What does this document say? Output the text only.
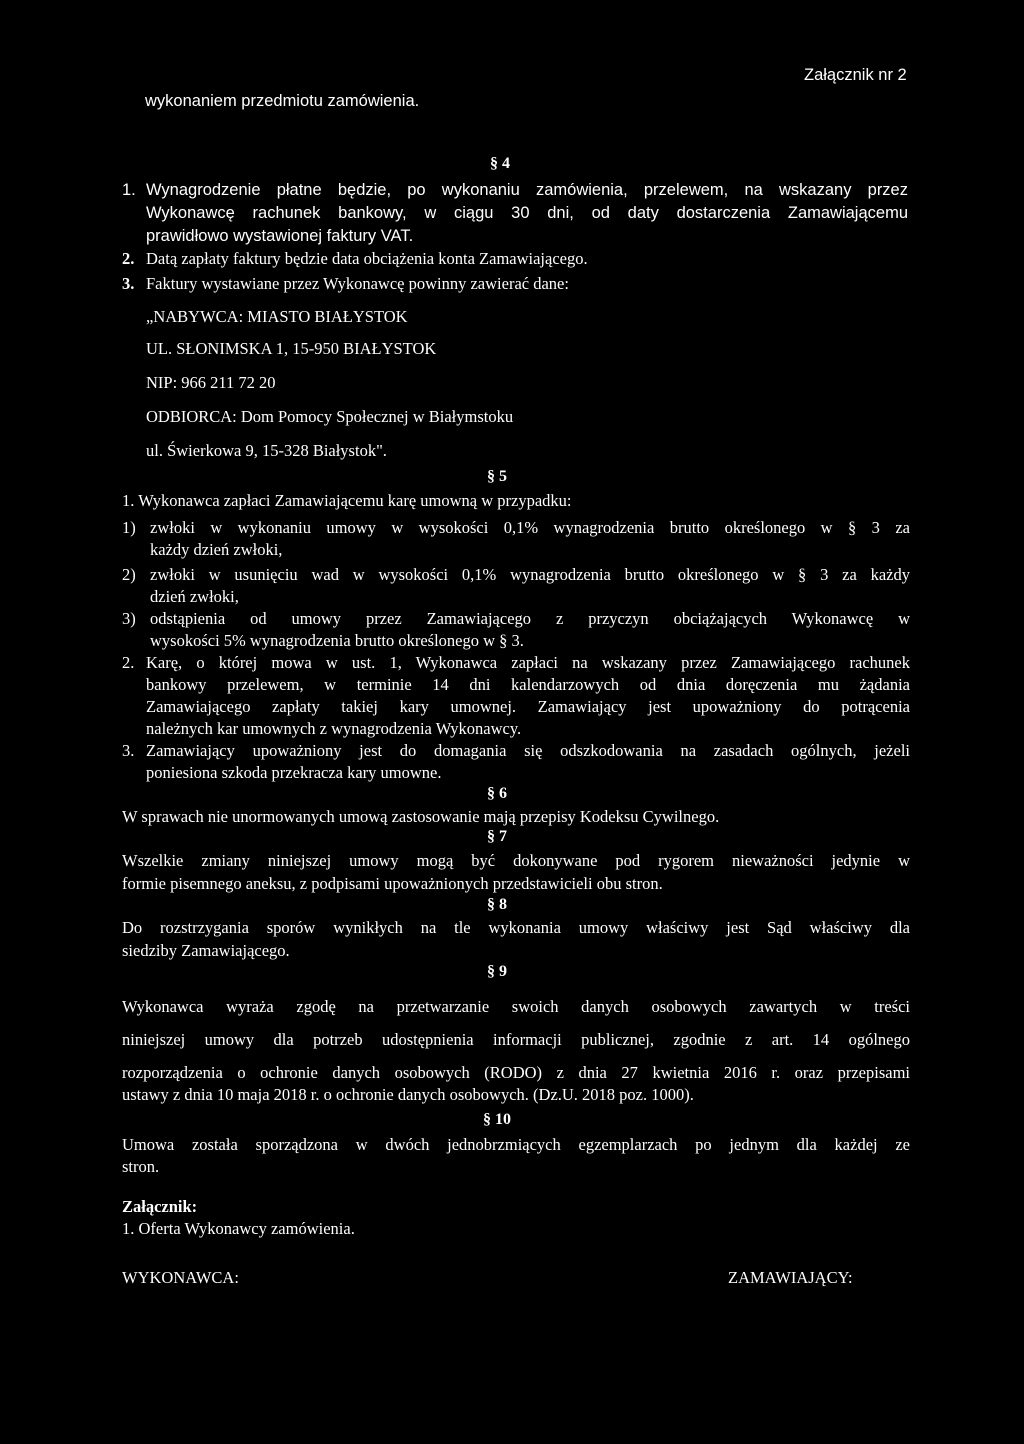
wykonaniem przedmiotu zamówienia.
Załącznik nr 2
§ 4
1. Wynagrodzenie płatne będzie, po wykonaniu zamówienia, przelewem, na wskazany przez
Wykonawcę rachunek bankowy, w ciągu 30 dni, od daty dostarczenia Zamawiającemu
prawidłowo wystawionej faktury VAT.
2. Datą zapłaty faktury będzie data obciążenia konta Zamawiającego.
3. Faktury wystawiane przez Wykonawcę powinny zawierać dane:
„NABYWCA: MIASTO BIAŁYSTOK
UL. SŁONIMSKA 1, 15-950 BIAŁYSTOK
NIP: 966 211 72 20
ODBIORCA: Dom Pomocy Społecznej w Białymstoku
ul. Świerkowa 9, 15-328 Białystok".
§ 5
1. Wykonawca zapłaci Zamawiającemu karę umowną w przypadku:
1) zwłoki w wykonaniu umowy w wysokości 0,1% wynagrodzenia brutto określonego w § 3 za
każdy dzień zwłoki,
2) zwłoki w usunięciu wad w wysokości 0,1% wynagrodzenia brutto określonego w § 3 za każdy
dzień zwłoki,
3) odstąpienia od umowy przez Zamawiającego z przyczyn obciążających Wykonawcę w
wysokości 5% wynagrodzenia brutto określonego w § 3.
2. Karę, o której mowa w ust. 1, Wykonawca zapłaci na wskazany przez Zamawiającego rachunek
bankowy przelewem, w terminie 14 dni kalendarzowych od dnia doręczenia mu żądania
Zamawiającego zapłaty takiej kary umownej. Zamawiający jest upoważniony do potrącenia
należnych kar umownych z wynagrodzenia Wykonawcy.
3. Zamawiający upoważniony jest do domagania się odszkodowania na zasadach ogólnych, jeżeli
poniesiona szkoda przekracza kary umowne.
§ 6
W sprawach nie unormowanych umową zastosowanie mają przepisy Kodeksu Cywilnego.
§ 7
Wszelkie zmiany niniejszej umowy mogą być dokonywane pod rygorem nieważności jedynie w
formie pisemnego aneksu, z podpisami upoważnionych przedstawicieli obu stron.
§ 8
Do rozstrzygania sporów wynikłych na tle wykonania umowy właściwy jest Sąd właściwy dla
siedziby Zamawiającego.
§ 9
Wykonawca wyraża zgodę na przetwarzanie swoich danych osobowych zawartych w treści
niniejszej umowy dla potrzeb udostępnienia informacji publicznej, zgodnie z art. 14 ogólnego
rozporządzenia o ochronie danych osobowych (RODO) z dnia 27 kwietnia 2016 r. oraz przepisami
ustawy z dnia 10 maja 2018 r. o ochronie danych osobowych. (Dz.U. 2018 poz. 1000).
§ 10
Umowa została sporządzona w dwóch jednobrzmiących egzemplarzach po jednym dla każdej ze
stron.
Załącznik:
1. Oferta Wykonawcy zamówienia.
WYKONAWCA:	ZAMAWIAJĄCY:
